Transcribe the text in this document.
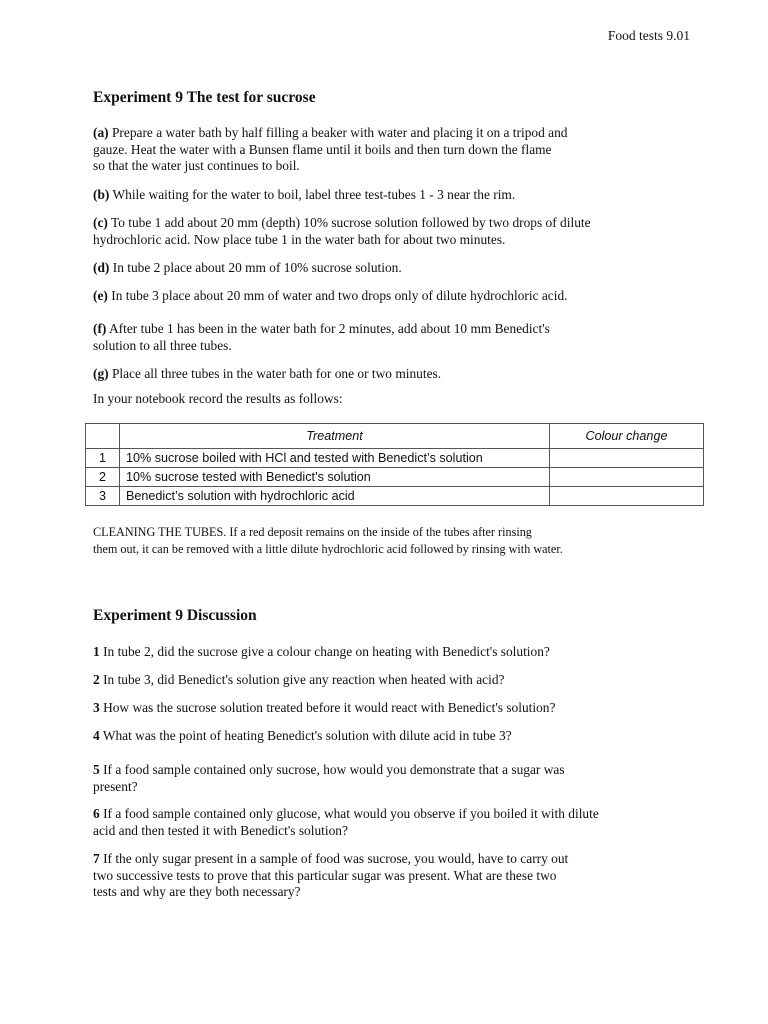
Food tests 9.01
Experiment 9 The test for sucrose
(a) Prepare a water bath by half filling a beaker with water and placing it on a tripod and
gauze. Heat the water with a Bunsen flame until it boils and then turn down the flame
so that the water just continues to boil.
(b) While waiting for the water to boil, label three test-tubes 1 - 3 near the rim.
(c) To tube 1 add about 20 mm (depth) 10% sucrose solution followed by two drops of dilute
hydrochloric acid. Now place tube 1 in the water bath for about two minutes.
(d) In tube 2 place about 20 mm of 10% sucrose solution.
(e) In tube 3 place about 20 mm of water and two drops only of dilute hydrochloric acid.
(f) After tube 1 has been in the water bath for 2 minutes, add about 10 mm Benedict's
solution to all three tubes.
(g) Place all three tubes in the water bath for one or two minutes.
In your notebook record the results as follows:
	Treatment	Colour change
1	10% sucrose boiled with HCl and tested with Benedict’s solution	
2	10% sucrose tested with Benedict’s solution	
3	Benedict’s solution with hydrochloric acid	
CLEANING THE TUBES. If a red deposit remains on the inside of the tubes after rinsing
them out, it can be removed with a little dilute hydrochloric acid followed by rinsing with water.
Experiment 9 Discussion
1 In tube 2, did the sucrose give a colour change on heating with Benedict's solution?
2 In tube 3, did Benedict's solution give any reaction when heated with acid?
3 How was the sucrose solution treated before it would react with Benedict's solution?
4 What was the point of heating Benedict's solution with dilute acid in tube 3?
5 If a food sample contained only sucrose, how would you demonstrate that a sugar was
present?
6 If a food sample contained only glucose, what would you observe if you boiled it with dilute
acid and then tested it with Benedict's solution?
7 If the only sugar present in a sample of food was sucrose, you would, have to carry out
two successive tests to prove that this particular sugar was present. What are these two
tests and why are they both necessary?
